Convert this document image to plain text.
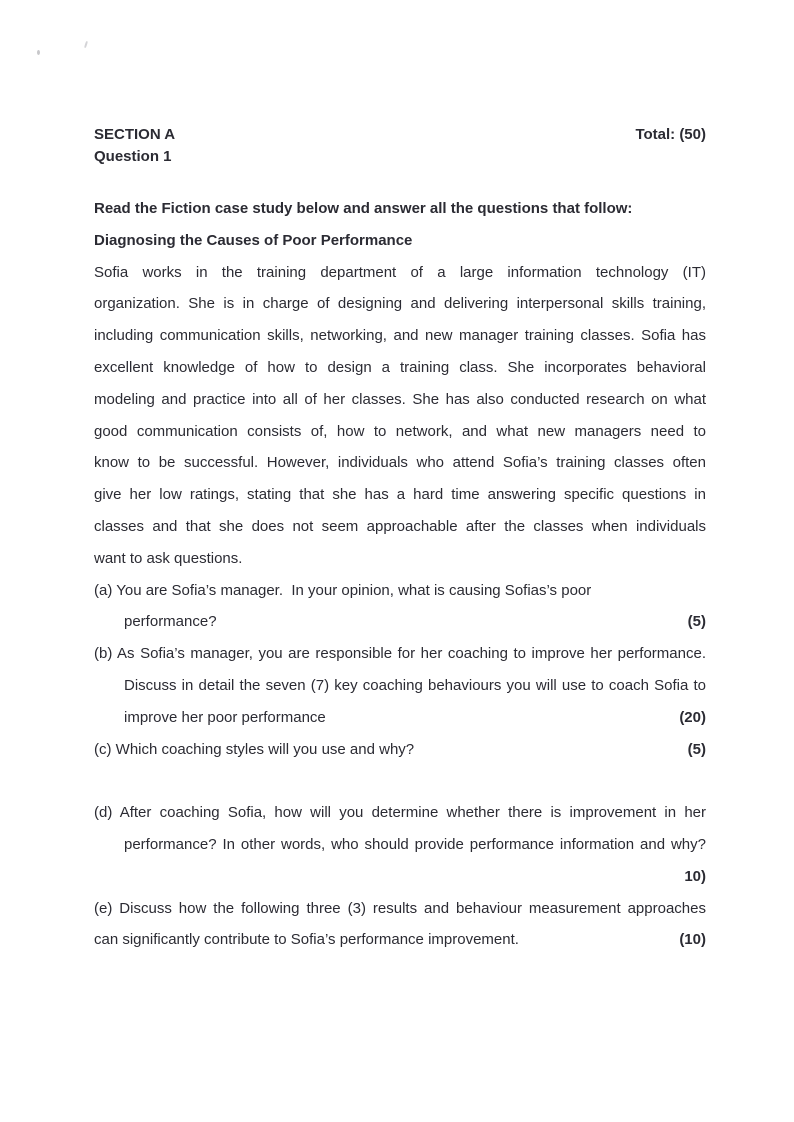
SECTION A
Question 1
Total: (50)
Read the Fiction case study below and answer all the questions that follow:
Diagnosing the Causes of Poor Performance
Sofia works in the training department of a large information technology (IT)
organization. She is in charge of designing and delivering interpersonal skills training,
including communication skills, networking, and new manager training classes. Sofia has
excellent knowledge of how to design a training class. She incorporates behavioral
modeling and practice into all of her classes. She has also conducted research on what
good communication consists of, how to network, and what new managers need to
know to be successful. However, individuals who attend Sofia’s training classes often
give her low ratings, stating that she has a hard time answering specific questions in
classes and that she does not seem approachable after the classes when individuals
want to ask questions.
(a) You are Sofia’s manager.  In your opinion, what is causing Sofias’s poor
performance?	(5)
(b) As Sofia’s manager, you are responsible for her coaching to improve her performance.
Discuss in detail the seven (7) key coaching behaviours you will use to coach Sofia to
improve her poor performance	(20)
(c) Which coaching styles will you use and why?	(5)
(d) After coaching Sofia, how will you determine whether there is improvement in her
performance? In other words, who should provide performance information and why?
10)
(e) Discuss how the following three (3) results and behaviour measurement approaches
can significantly contribute to Sofia’s performance improvement.	(10)
